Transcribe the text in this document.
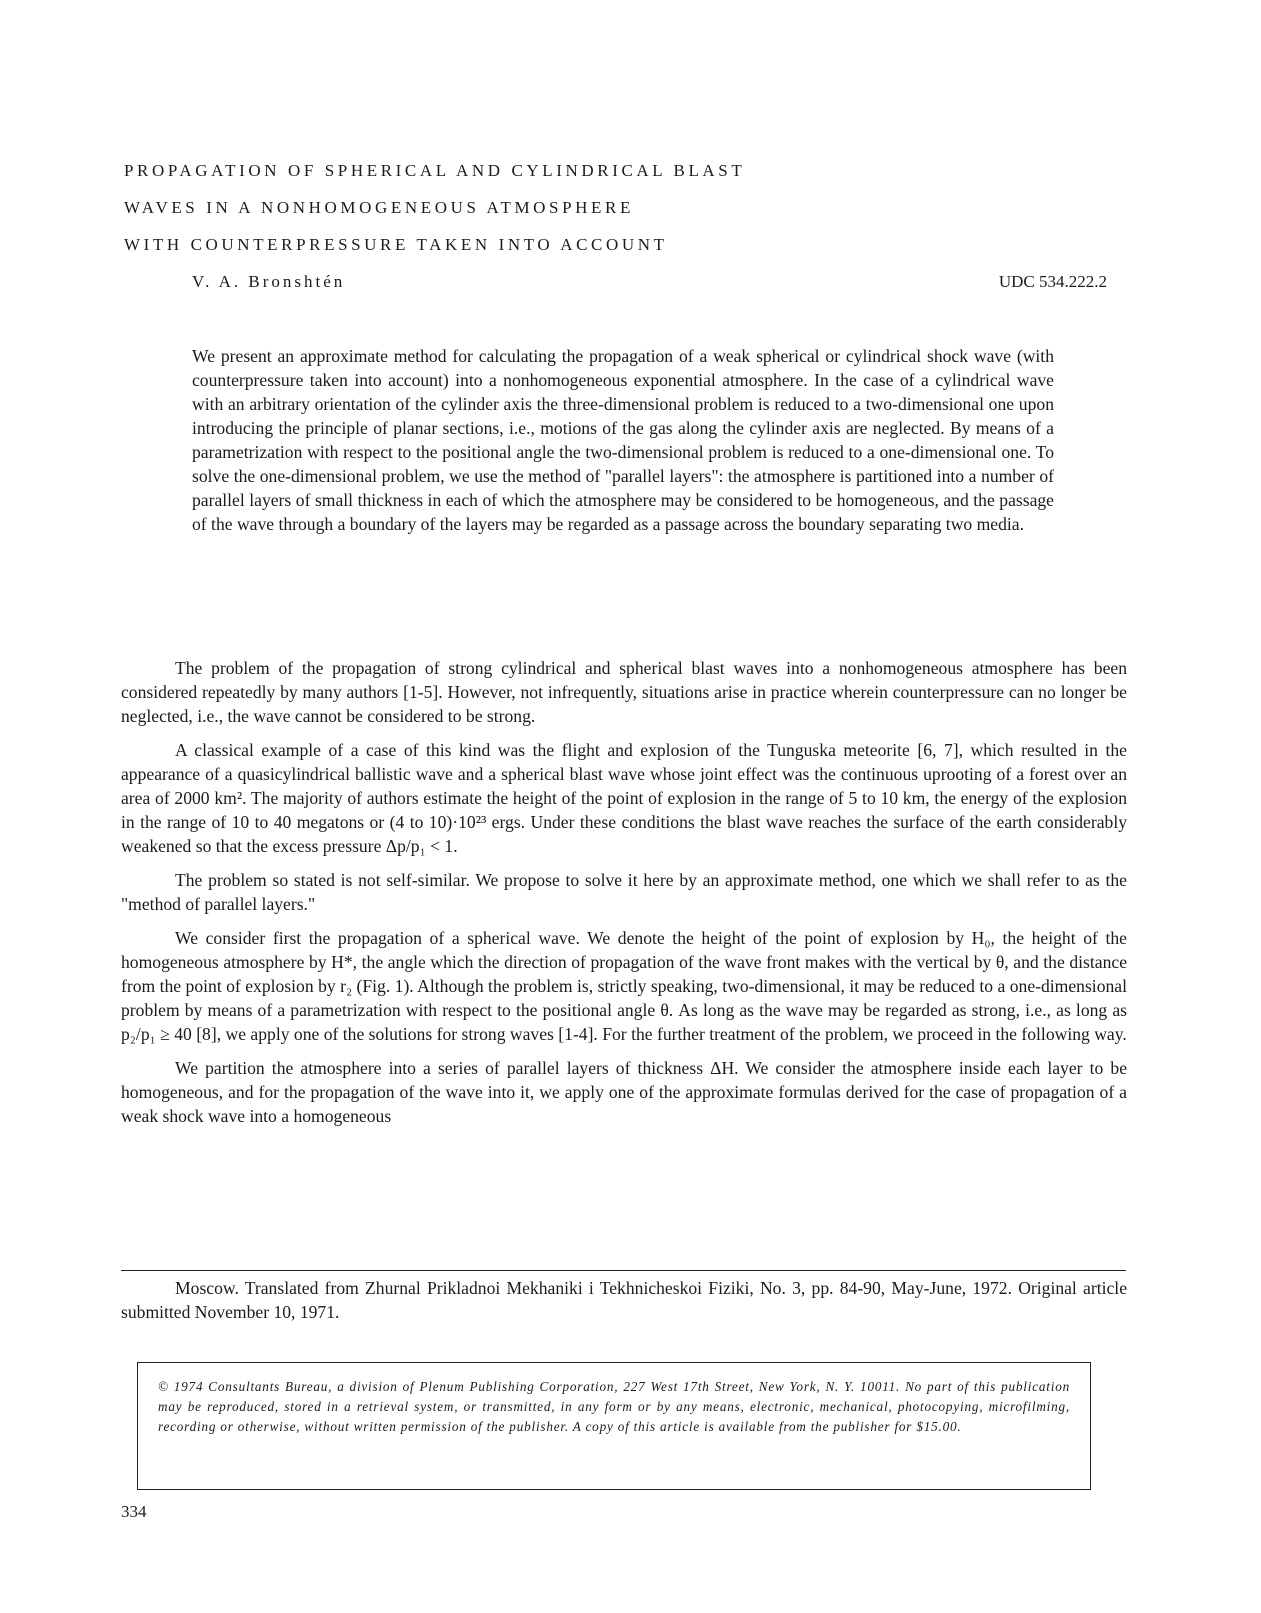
PROPAGATION OF SPHERICAL AND CYLINDRICAL BLAST
WAVES IN A NONHOMOGENEOUS ATMOSPHERE
WITH COUNTERPRESSURE TAKEN INTO ACCOUNT
V. A. Bronshtén	UDC 534.222.2
We present an approximate method for calculating the propagation of a weak spherical or cylindrical shock wave (with counterpressure taken into account) into a nonhomogeneous exponential atmosphere. In the case of a cylindrical wave with an arbitrary orientation of the cylinder axis the three-dimensional problem is reduced to a two-dimensional one upon introducing the principle of planar sections, i.e., motions of the gas along the cylinder axis are neglected. By means of a parametrization with respect to the positional angle the two-dimensional problem is reduced to a one-dimensional one. To solve the one-dimensional problem, we use the method of "parallel layers": the atmosphere is partitioned into a number of parallel layers of small thickness in each of which the atmosphere may be considered to be homogeneous, and the passage of the wave through a boundary of the layers may be regarded as a passage across the boundary separating two media.

The problem of the propagation of strong cylindrical and spherical blast waves into a nonhomogeneous atmosphere has been considered repeatedly by many authors [1-5]. However, not infrequently, situations arise in practice wherein counterpressure can no longer be neglected, i.e., the wave cannot be considered to be strong.

A classical example of a case of this kind was the flight and explosion of the Tunguska meteorite [6, 7], which resulted in the appearance of a quasicylindrical ballistic wave and a spherical blast wave whose joint effect was the continuous uprooting of a forest over an area of 2000 km². The majority of authors estimate the height of the point of explosion in the range of 5 to 10 km, the energy of the explosion in the range of 10 to 40 megatons or (4 to 10)·10²³ ergs. Under these conditions the blast wave reaches the surface of the earth considerably weakened so that the excess pressure Δp/p₁ < 1.

The problem so stated is not self-similar. We propose to solve it here by an approximate method, one which we shall refer to as the "method of parallel layers."

We consider first the propagation of a spherical wave. We denote the height of the point of explosion by H₀, the height of the homogeneous atmosphere by H*, the angle which the direction of propagation of the wave front makes with the vertical by θ, and the distance from the point of explosion by r₂ (Fig. 1). Although the problem is, strictly speaking, two-dimensional, it may be reduced to a one-dimensional problem by means of a parametrization with respect to the positional angle θ. As long as the wave may be regarded as strong, i.e., as long as p₂/p₁ ≥ 40 [8], we apply one of the solutions for strong waves [1-4]. For the further treatment of the problem, we proceed in the following way.

We partition the atmosphere into a series of parallel layers of thickness ΔH. We consider the atmosphere inside each layer to be homogeneous, and for the propagation of the wave into it, we apply one of the approximate formulas derived for the case of propagation of a weak shock wave into a homogeneous

Moscow. Translated from Zhurnal Prikladnoi Mekhaniki i Tekhnicheskoi Fiziki, No. 3, pp. 84-90, May-June, 1972. Original article submitted November 10, 1971.
© 1974 Consultants Bureau, a division of Plenum Publishing Corporation, 227 West 17th Street, New York, N. Y. 10011. No part of this publication may be reproduced, stored in a retrieval system, or transmitted, in any form or by any means, electronic, mechanical, photocopying, microfilming, recording or otherwise, without written permission of the publisher. A copy of this article is available from the publisher for $15.00.
334
